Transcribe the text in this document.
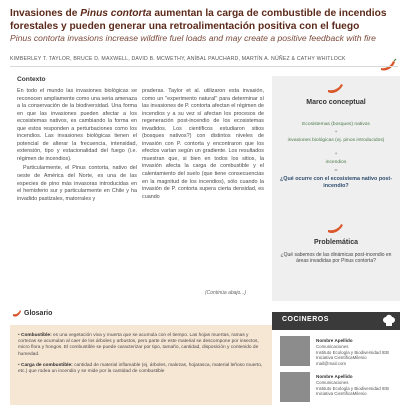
Invasiones de Pinus contorta aumentan la carga de combustible de incendios forestales y pueden generar una retroalimentación positiva con el fuego
Pinus contorta invasions increase wildfire fuel loads and may create a positive feedback with fire
KIMBERLEY T. TAYLOR, BRUCE D. MAXWELL, DAVID B. MCWETHY, ANÍBAL PAUCHARD, MARTÍN A. NÚÑEZ & CATHY WHITLOCK
Contexto

En todo el mundo las invasiones biológicas se reconocen ampliamente como una seria amenaza a la conservación de la biodiversidad. Una forma en que las invasiones pueden afectar a los ecosistemas nativos, es cambiando la forma en que estos responden a perturbaciones como los incendios. Las invasiones biológicas tienen el potencial de alterar la frecuencia, intensidad, extensión, tipo y estacionalidad del fuego (i.e. régimen de incendios).

Particularmente, el Pinus contorta, nativo del oeste de América del Norte, es una de las especies de pino más invasoras introducidas en el hemisferio sur y particularmente en Chile y ha invadido pastizales, matorrales y

praderas. Taylor et al. utilizaron esta invasión, como un "experimento natural" para determinar sí las invasiones de P. contorta afectan el régimen de incendios y a su vez sí afectan los procesos de regeneración post-incendio de los ecosistemas invadidos. Los científicos estudiaron sitios (bosques nativos?) con distintos niveles de invasión con P. contorta y encontraron que los efectos varían según un gradiente. Los resultados muestran que, si bien en todos los sitios, la invasión afecta la carga de combustible y el calentamiento del suelo (que tiene consecuencias en la magnitud de los incendios), sólo cuando la invasión de P. contorta supera cierta densidad, es cuando

(Continúa abajo...)
Marco conceptual
Ecosistemas (bosques) nativos
+
invasiones biológicas (ej. pinos introducidos)
+
incendios
=
¿Qué ocurre con el ecosistema nativo post-incendio?
Problemática
¿Qué sabemos de las dinámicas post-incendio en áreas invadidas por Pinus contorta?
Glosario
• Combustible: es una vegetación viva y muerta que se acumula con el tiempo. Las hojas muertas, ramas y cortezas se acumulan al caer de los árboles y arbustos, pero parte de este material se descompone por insectos, micro flora y hongos. El combustible se puede caracterizar por tipo, tamaño, cantidad, disposición y contenido de humedad.
• Carga de combustible: cantidad de material inflamable (ej. árboles, malezas, hojarasca, material leñoso muerto, etc.) que rodea un incendio y se mide por la cantidad de combustible
COCINEROS
Nombre Apellido
Comunicaciones
Instituto Ecología y Biodiversidad IEB
Iniciativa CientíficaMilenio
mail@mail.com
Nombre Apellido
Comunicaciones
Instituto Ecología y Biodiversidad IEB
Iniciativa CientíficaMilenio
